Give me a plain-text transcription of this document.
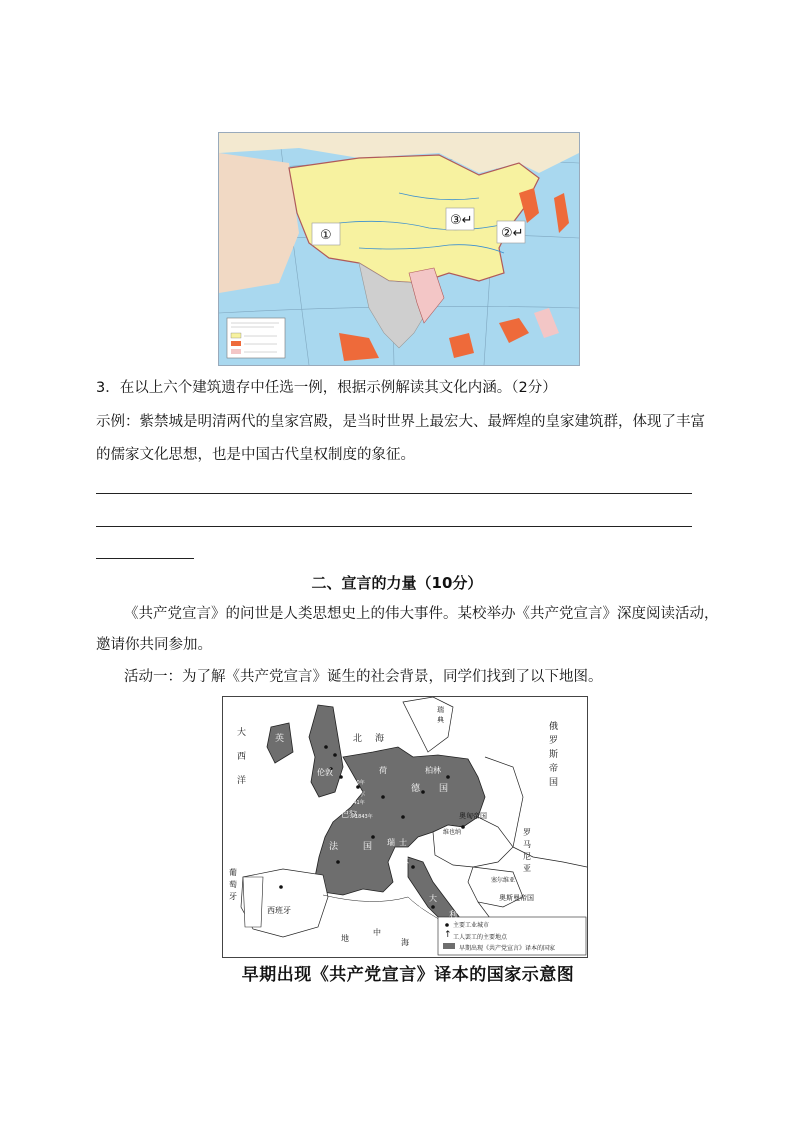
①
③↵
②↵
3．在以上六个建筑遗存中任选一例，根据示例解读其文化内涵。（2分）
示例：紫禁城是明清两代的皇家宫殿，是当时世界上最宏大、最辉煌的皇家建筑群，体现了丰富
的儒家文化思想，也是中国古代皇权制度的象征。
二、宣言的力量（10分）
《共产党宣言》的问世是人类思想史上的伟大事件。某校举办《共产党宣言》深度阅读活动，
邀请你共同参加。
活动一：为了解《共产党宣言》诞生的社会背景，同学们找到了以下地图。
↑
大
西
洋
北 海
瑞
典
俄
罗
斯
帝
国
英
伦敦	荷	柏林
德 国
布鲁塞尔
1840年
1841年
1843年
巴黎
法	国 瑞 士
奥匈帝国
维也纳
意
罗
马
尼
亚
塞尔维亚
奥斯曼帝国
葡
萄
牙
西班牙
地
中
海
罗马
大
利
主要工业城市
工人罢工的主要地点
早期出现《共产党宣言》译本的国家
早期出现《共产党宣言》译本的国家示意图
